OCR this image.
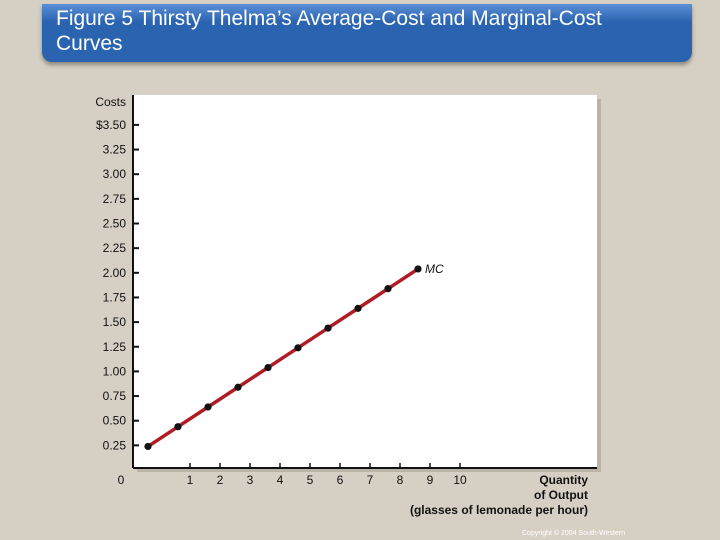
Figure 5 Thirsty Thelma’s Average-Cost and Marginal-Cost
Curves
Costs
$3.50
3.25
3.00
2.75
2.50
2.25
2.00
1.75
1.50
1.25
1.00
0.75
0.50
0.25
0	1 2 3 4 5 6 7 8 9 10	Quantity
of Output
(glasses of lemonade per hour)
MC
Copyright © 2004 South-Western
